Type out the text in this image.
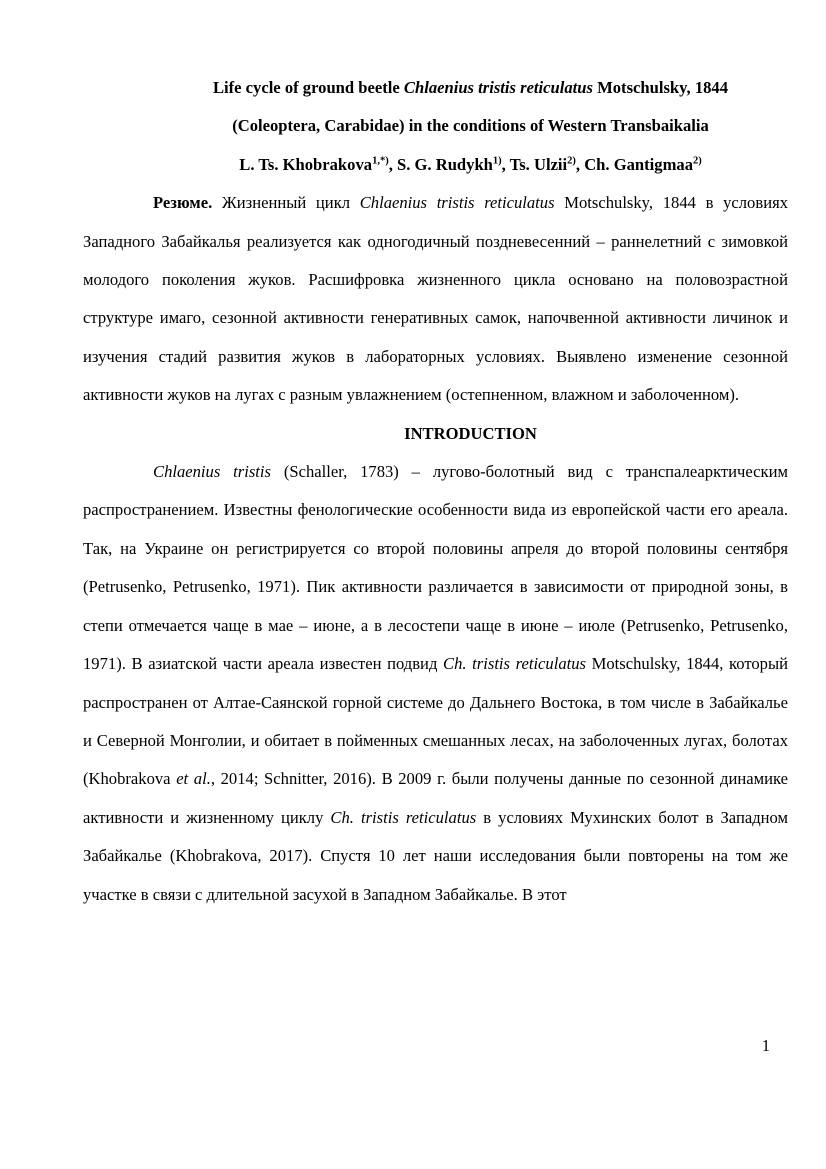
Life cycle of ground beetle Chlaenius tristis reticulatus Motschulsky, 1844

(Coleoptera, Carabidae) in the conditions of Western Transbaikalia

L. Ts. Khobrakova$^{1,*)}$, S. G. Rudykh$^{1)}$, Ts. Ulzii$^{2)}$, Ch. Gantigmaa$^{2)}$

Резюме. Жизненный цикл Chlaenius tristis reticulatus Motschulsky, 1844 в условиях Западного Забайкалья реализуется как одногодичный поздневесенний – раннелетний с зимовкой молодого поколения жуков. Расшифровка жизненного цикла основано на половозрастной структуре имаго, сезонной активности генеративных самок, напочвенной активности личинок и изучения стадий развития жуков в лабораторных условиях. Выявлено изменение сезонной активности жуков на лугах с разным увлажнением (остепненном, влажном и заболоченном).

INTRODUCTION

Chlaenius tristis (Schaller, 1783) – лугово-болотный вид с транспалеарктическим распространением. Известны фенологические особенности вида из европейской части его ареала. Так, на Украине он регистрируется со второй половины апреля до второй половины сентября (Petrusenko, Petrusenko, 1971). Пик активности различается в зависимости от природной зоны, в степи отмечается чаще в мае – июне, а в лесостепи чаще в июне – июле (Petrusenko, Petrusenko, 1971). В азиатской части ареала известен подвид Ch. tristis reticulatus Motschulsky, 1844, который распространен от Алтае-Саянской горной системе до Дальнего Востока, в том числе в Забайкалье и Северной Монголии, и обитает в пойменных смешанных лесах, на заболоченных лугах, болотах (Khobrakova et al., 2014; Schnitter, 2016). В 2009 г. были получены данные по сезонной динамике активности и жизненному циклу Ch. tristis reticulatus в условиях Мухинских болот в Западном Забайкалье (Khobrakova, 2017). Спустя 10 лет наши исследования были повторены на том же участке в связи с длительной засухой в Западном Забайкалье. В этот

1
